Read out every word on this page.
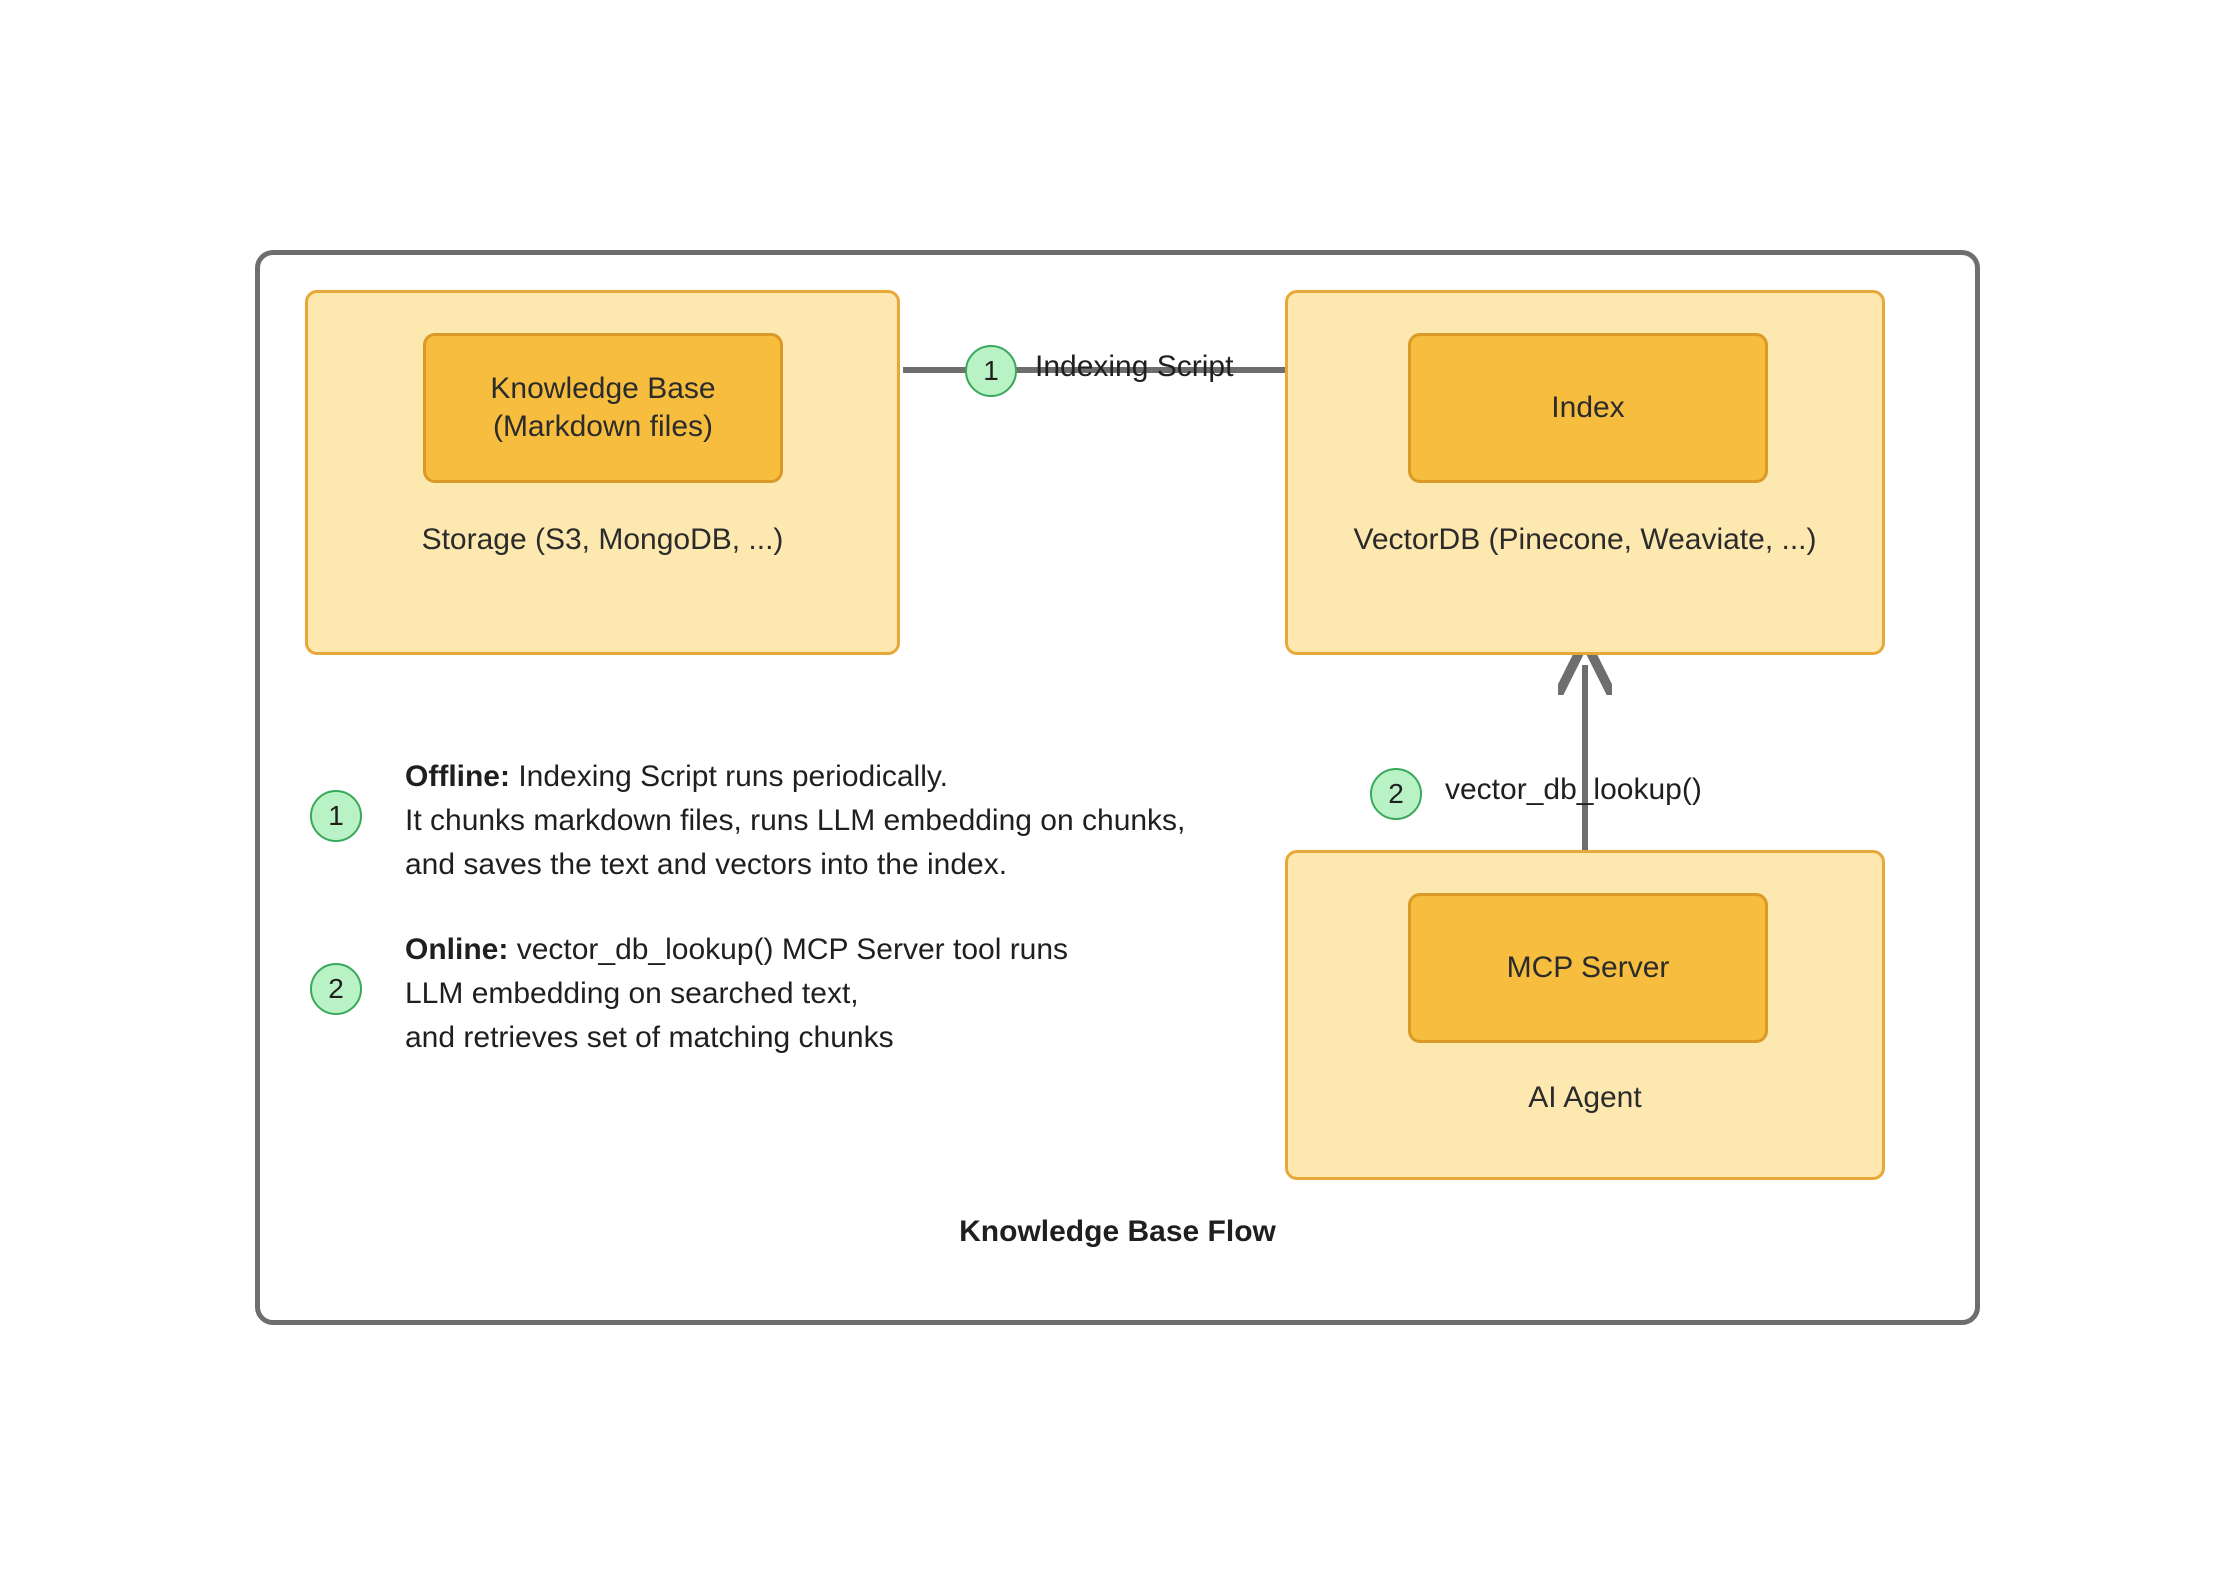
Knowledge Base
(Markdown files)
Storage (S3, MongoDB, ...)
Index
VectorDB (Pinecone, Weaviate, ...)
MCP Server
AI Agent
1	Indexing Script
2	vector_db_lookup()
1
Offline: Indexing Script runs periodically.
It chunks markdown files, runs LLM embedding on chunks,
and saves the text and vectors into the index.
2
Online: vector_db_lookup() MCP Server tool runs
LLM embedding on searched text,
and retrieves set of matching chunks
Knowledge Base Flow
